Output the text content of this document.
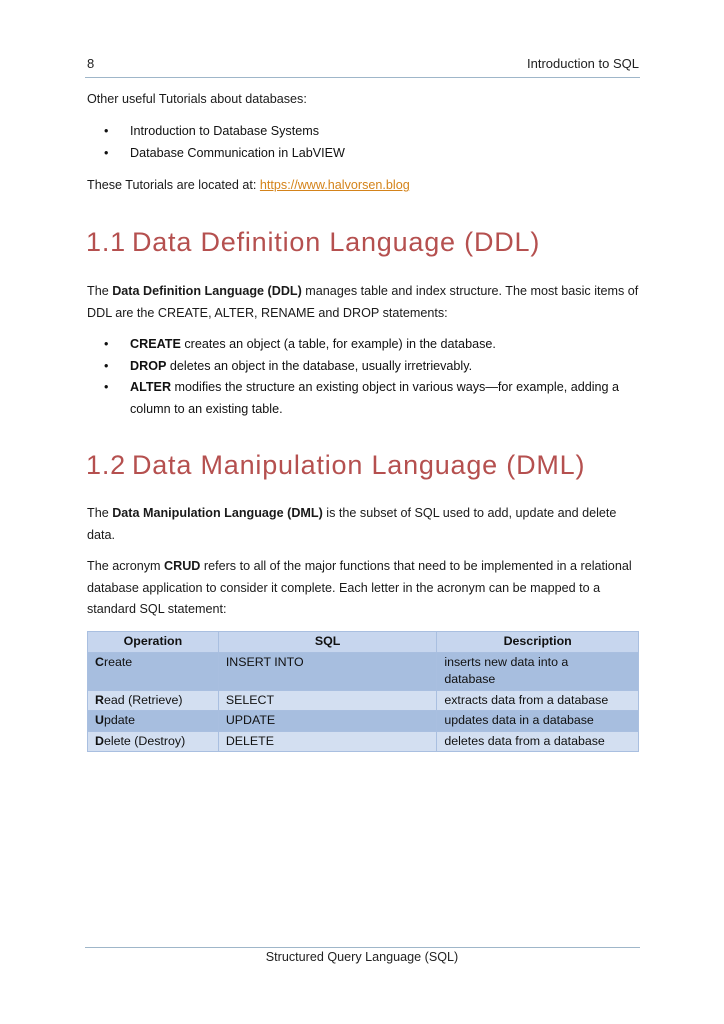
8	Introduction to SQL
Other useful Tutorials about databases:
• Introduction to Database Systems
• Database Communication in LabVIEW
These Tutorials are located at: https://www.halvorsen.blog
1.1 Data Definition Language (DDL)
The Data Definition Language (DDL) manages table and index structure. The most basic items of DDL are the CREATE, ALTER, RENAME and DROP statements:
• CREATE creates an object (a table, for example) in the database.
• DROP deletes an object in the database, usually irretrievably.
• ALTER modifies the structure an existing object in various ways—for example, adding a column to an existing table.
1.2 Data Manipulation Language (DML)
The Data Manipulation Language (DML) is the subset of SQL used to add, update and delete data.
The acronym CRUD refers to all of the major functions that need to be implemented in a relational database application to consider it complete. Each letter in the acronym can be mapped to a standard SQL statement:
Operation	SQL	Description
Create	INSERT INTO	inserts new data into a database
Read (Retrieve)	SELECT	extracts data from a database
Update	UPDATE	updates data in a database
Delete (Destroy)	DELETE	deletes data from a database
Structured Query Language (SQL)
